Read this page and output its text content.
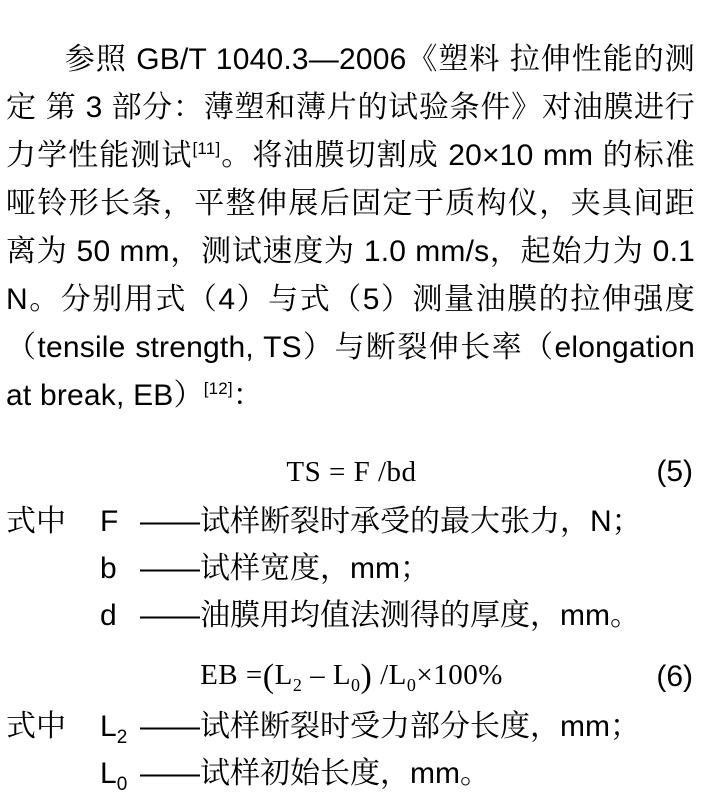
参照 GB/T 1040.3—2006《塑料 拉伸性能的测定 第 3 部分：薄塑和薄片的试验条件》对油膜进行力学性能测试[11]。将油膜切割成 20×10 mm 的标准哑铃形长条，平整伸展后固定于质构仪，夹具间距离为 50 mm，测试速度为 1.0 mm/s，起始力为 0.1 N。分别用式（4）与式（5）测量油膜的拉伸强度（tensile strength, TS）与断裂伸长率（elongation at break, EB）[12]：

TS = F /bd	(5)
式中	F —— 试样断裂时承受的最大张力，N；
b —— 试样宽度，mm；
d —— 油膜用均值法测得的厚度，mm。
EB $=(L_2 - L_0)$ $/L_0\times 100\%$	(6)
式中	$L_2$ —— 试样断裂时受力部分长度，mm；
$L_0$ —— 试样初始长度，mm。
